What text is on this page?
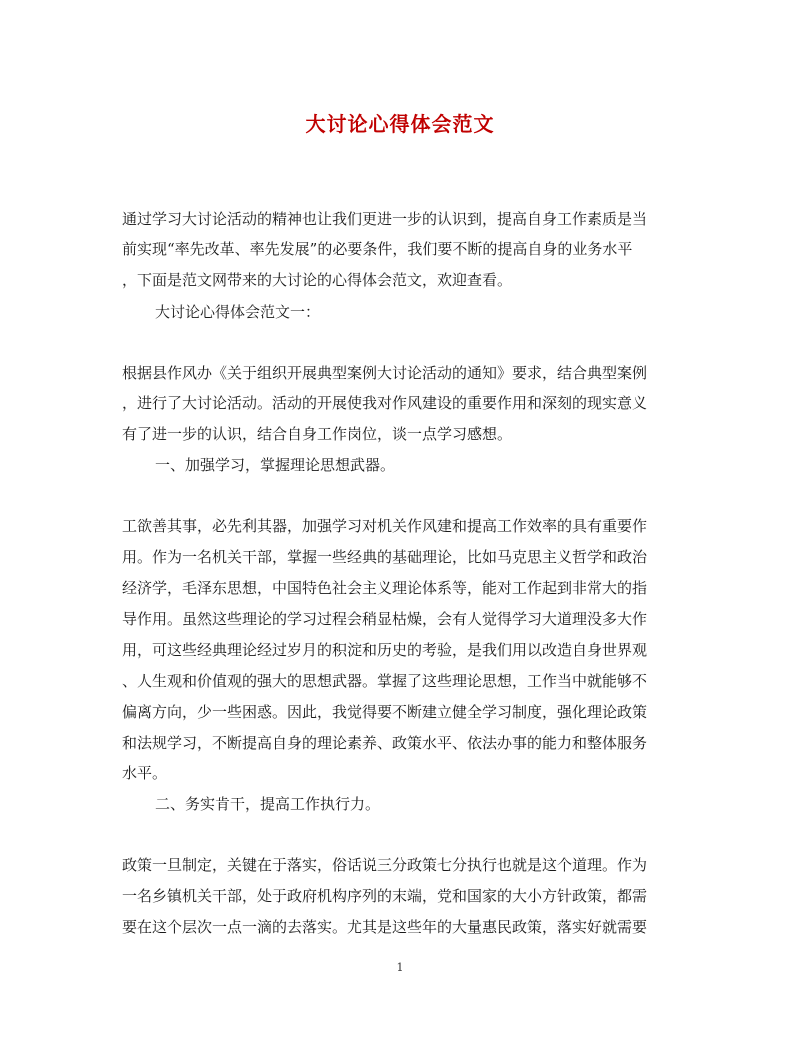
大讨论心得体会范文

通过学习大讨论活动的精神也让我们更进一步的认识到，提高自身工作素质是当

前实现“率先改革、率先发展”的必要条件，我们要不断的提高自身的业务水平

，下面是范文网带来的大讨论的心得体会范文，欢迎查看。

大讨论心得体会范文一：

根据县作风办《关于组织开展典型案例大讨论活动的通知》要求，结合典型案例

，进行了大讨论活动。活动的开展使我对作风建设的重要作用和深刻的现实意义

有了进一步的认识，结合自身工作岗位，谈一点学习感想。

一、加强学习，掌握理论思想武器。

工欲善其事，必先利其器，加强学习对机关作风建和提高工作效率的具有重要作

用。作为一名机关干部，掌握一些经典的基础理论，比如马克思主义哲学和政治

经济学，毛泽东思想，中国特色社会主义理论体系等，能对工作起到非常大的指

导作用。虽然这些理论的学习过程会稍显枯燥，会有人觉得学习大道理没多大作

用，可这些经典理论经过岁月的积淀和历史的考验，是我们用以改造自身世界观

、人生观和价值观的强大的思想武器。掌握了这些理论思想，工作当中就能够不

偏离方向，少一些困惑。因此，我觉得要不断建立健全学习制度，强化理论政策

和法规学习，不断提高自身的理论素养、政策水平、依法办事的能力和整体服务

水平。

二、务实肯干，提高工作执行力。

政策一旦制定，关键在于落实，俗话说三分政策七分执行也就是这个道理。作为

一名乡镇机关干部，处于政府机构序列的末端，党和国家的大小方针政策，都需

要在这个层次一点一滴的去落实。尤其是这些年的大量惠民政策，落实好就需要

1
